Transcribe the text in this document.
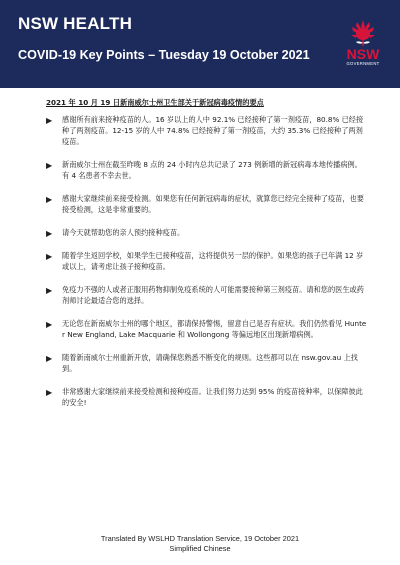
NSW HEALTH
COVID-19 Key Points – Tuesday 19 October 2021	NSW
GOVERNMENT
2021 年 10 月 19 日新南威尔士州卫生部关于新冠病毒疫情的要点
▶ 感谢所有前来接种疫苗的人。16 岁以上的人中 92.1% 已经接种了第一剂疫苗，80.8% 已经接种了两剂疫苗。12-15 岁的人中 74.8% 已经接种了第一剂疫苗，大约 35.3% 已经接种了两剂疫苗。
▶ 新南威尔士州在截至昨晚 8 点的 24 小时内总共记录了 273 例新增的新冠病毒本地传播病例。有 4 名患者不幸去世。
▶ 感谢大家继续前来接受检测。如果您有任何新冠病毒的症状，就算您已经完全接种了疫苗，也要接受检测，这是非常重要的。
▶ 请今天就帮助您的亲人预约接种疫苗。
▶ 随着学生返回学校，如果学生已接种疫苗，这将提供另一层的保护。如果您的孩子已年满 12 岁或以上，请考虑让孩子接种疫苗。
▶ 免疫力不强的人或者正服用药物抑制免疫系统的人可能需要接种第三剂疫苗。请和您的医生或药剂师讨论最适合您的选择。
▶ 无论您在新南威尔士州的哪个地区，都请保持警惕，留意自己是否有症状。我们仍然看见 Hunter New England, Lake Macquarie 和 Wollongong 等偏远地区出现新增病例。
▶ 随着新南威尔士州重新开放，请确保您熟悉不断变化的规则。这些都可以在 nsw.gov.au 上找到。
▶ 非常感谢大家继续前来接受检测和接种疫苗。让我们努力达到 95% 的疫苗接种率，以保障彼此的安全!
Translated By WSLHD Translation Service, 19 October 2021
Simplified Chinese
